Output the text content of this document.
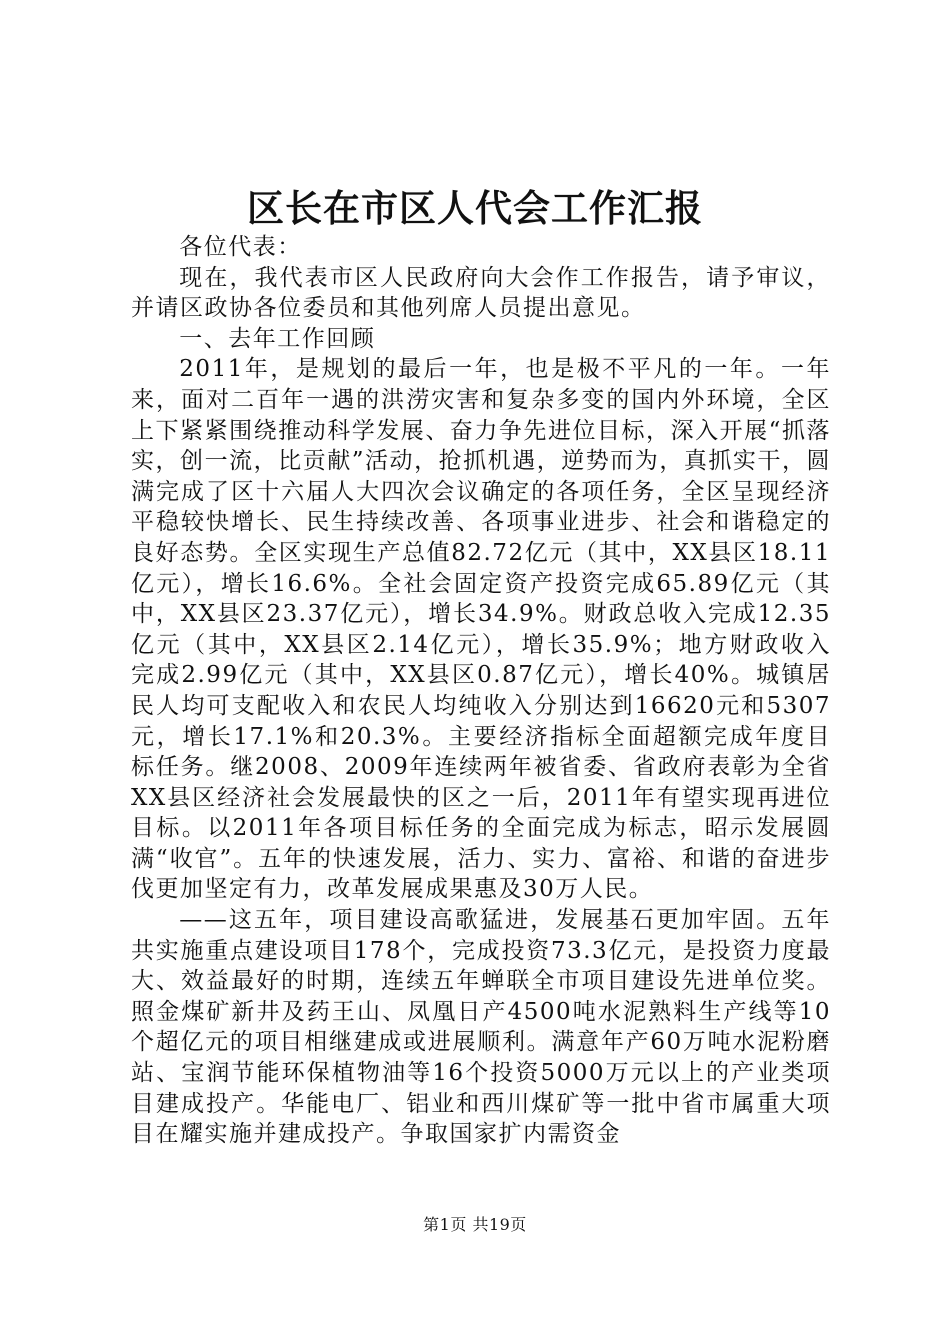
区长在市区人代会工作汇报

各位代表：

现在，我代表市区人民政府向大会作工作报告，请予审议，并请区政协各位委员和其他列席人员提出意见。

一、去年工作回顾

2011年，是规划的最后一年，也是极不平凡的一年。一年来，面对二百年一遇的洪涝灾害和复杂多变的国内外环境，全区上下紧紧围绕推动科学发展、奋力争先进位目标，深入开展“抓落实，创一流，比贡献”活动，抢抓机遇，逆势而为，真抓实干，圆满完成了区十六届人大四次会议确定的各项任务，全区呈现经济平稳较快增长、民生持续改善、各项事业进步、社会和谐稳定的良好态势。全区实现生产总值82.72亿元（其中，XX县区18.11亿元），增长16.6%。全社会固定资产投资完成65.89亿元（其中，XX县区23.37亿元），增长34.9%。财政总收入完成12.35亿元（其中，XX县区2.14亿元），增长35.9%；地方财政收入完成2.99亿元（其中，XX县区0.87亿元），增长40%。城镇居民人均可支配收入和农民人均纯收入分别达到16620元和5307元，增长17.1%和20.3%。主要经济指标全面超额完成年度目标任务。继2008、2009年连续两年被省委、省政府表彰为全省XX县区经济社会发展最快的区之一后，2011年有望实现再进位目标。以2011年各项目标任务的全面完成为标志，昭示发展圆满“收官”。五年的快速发展，活力、实力、富裕、和谐的奋进步伐更加坚定有力，改革发展成果惠及30万人民。

——这五年，项目建设高歌猛进，发展基石更加牢固。五年共实施重点建设项目178个，完成投资73.3亿元，是投资力度最大、效益最好的时期，连续五年蝉联全市项目建设先进单位奖。照金煤矿新井及药王山、凤凰日产4500吨水泥熟料生产线等10个超亿元的项目相继建成或进展顺利。满意年产60万吨水泥粉磨站、宝润节能环保植物油等16个投资5000万元以上的产业类项目建成投产。华能电厂、铝业和西川煤矿等一批中省市属重大项目在耀实施并建成投产。争取国家扩内需资金

第1页 共19页
